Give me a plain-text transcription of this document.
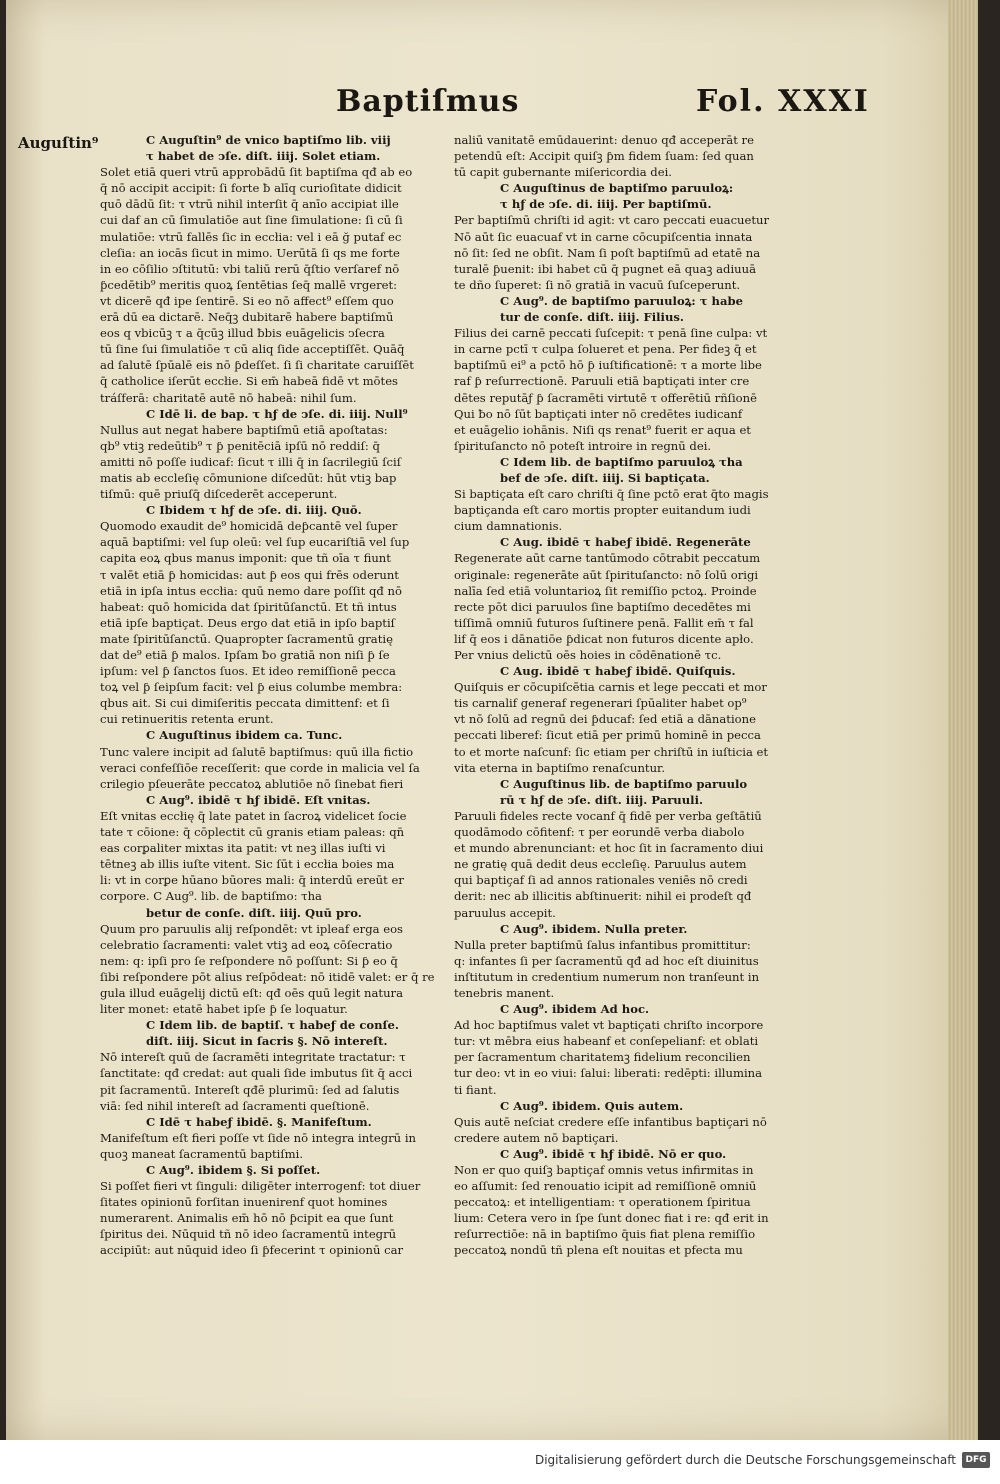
Baptiſmus	Fol. XXXI
Auguſtin⁹	C Auguſtin⁹ de vnico baptiſmo lib. viij
τ habet de ↄſe. diſt. iiij. Solet etiam.
Solet etiā queri vtrū approbādū ſit baptiſma qđ ab eo
q̄ nō accipit accipit: ſi forte ƀ alīq curioſitate didicit
quō dādū ſit: τ vtrū nihil interſit q̄ anīo accipiat ille
cui daf an cū ſimulatiōe aut ſine ſimulatione: ſi cū ſi
mulatiōe: vtrū fallēs ſic in eccłia: vel i eā ğ putaf ec
cleſia: an iocās ſicut in mimo. Uerūtā ſi qs me forte
in eo cōſilio ↄſtitutū: vbi taliū rerū q̄ſtio verſaref nō
ƥcedētib⁹ meritis quoꝝ ſentētias ſeq̄ mallē vrgeret:
vt dicerē qđ ipe ſentirē. Si eo nō affect⁹ eſſem quo
erā dū ea dictarē. Neq̄ꝫ dubitarē habere baptiſmū
eos q vbicūꝫ τ a q̄cūꝫ illud ƀbis euāgelicis ↄſecra
tū ſine ſui ſimulatiōe τ cū aliq ſide acceptiſſēt. Quāq̄
ad ſalutē ſpūalē eis nō ƥdeſſet. ſi ſi charitate caruiſſēt
q̄ catholice iſerūt eccłie. Si em̄ habeā fidē vt mōtes
tráſferā: charitatē autē nō habeā: nihil ſum.
C Idē li. de bap. τ hƒ de ↄſe. di. iiij. Null⁹
Nullus aut negat habere baptiſmū etiā apoſtatas:
qb⁹ vtiꝫ redeūtib⁹ τ ƥ penitēciā ipſū nō reddiſ: q̄
amitti nō poſſe iudicaf: ſicut τ illi q̄ in ſacrilegiū ſciſ
matis ab eccleſię cōmunione diſcedūt: hūt vtiꝫ bap
tiſmū: quē priuſq̄ diſcederēt acceperunt.
C Ibidem τ hƒ de ↄſe. di. iiij. Quō.
Quomodo exaudit de⁹ homicidā deƥcantē vel ſuper
aquā baptiſmi: vel ſup oleū: vel ſup eucariſtiā vel ſup
capita eoꝝ qbus manus imponit: que tñ oīa τ fiunt
τ valēt etiā ƥ homicidas: aut ƥ eos qui frēs oderunt
etiā in ipſa intus eccłia: quū nemo dare poſſit qđ nō
habeat: quō homicida dat ſpiritūſanctū. Et tñ intus
etiā ipſe baptiçat. Deus ergo dat etiā in ipſo baptiſ
mate ſpiritūſanctū. Quapropter ſacramentū gratię
dat de⁹ etiā ƥ malos. Ipſam ƀo gratiā non niſi ƥ ſe
ipſum: vel ƥ ſanctos ſuos. Et ideo remiſſionē pecca
toꝝ vel ƥ ſeipſum facit: vel ƥ eius columbe membra:
qbus ait. Si cui dimiſeritis peccata dimittenf: et ſi
cui retinueritis retenta erunt.
C Auguſtinus ibidem ca. Tunc.
Tunc valere incipit ad ſalutē baptiſmus: quū illa fictio
veraci confeſſiōe receſſerit: que corde in malicia vel ſa
crilegio pſeuerāte peccatoꝝ ablutiōe nō ſinebat fieri
C Aug⁹. ibidē τ hƒ ibidē. Eſt vnitas.
Eſt vnitas eccłię q̄ late patet in ſacroꝝ videlicet ſocie
tate τ cōione: q̄ cōplectit cū granis etiam paleas: qn̄
eas corꝑaliter mixtas ita patit: vt neꝫ illas iuſti vi
tētneꝫ ab illis iuſte vitent. Sic ſūt i eccłia boies ma
li: vt in corꝑe hūano būores mali: q̄ interdū ereūt er
corpore. C Aug⁹. lib. de baptiſmo: τha
betur de conſe. diſt. iiij. Quū pro.
Quum pro paruulis alij reſpondēt: vt ipleaf erga eos
celebratio ſacramenti: valet vtiꝫ ad eoꝝ cōſecratio
nem: q: ipſi pro ſe reſpondere nō poſſunt: Si ƥ eo q̄
ſibi reſpondere pōt alius reſpōdeat: nō itidē valet: er q̄ re
gula illud euāgelij dictū eſt: qđ oēs quū legit natura
liter monet: etatē habet ipſe ƥ ſe loquatur.
C Idem lib. de baptiſ. τ habeƒ de conſe.
diſt. iiij. Sicut in ſacris §. Nō intereſt.
Nō intereſt quū de ſacramēti integritate tractatur: τ
ſanctitate: qđ credat: aut quali ſide imbutus ſit q̄ acci
pit ſacramentū. Intereſt qđē plurimū: ſed ad ſalutis
viā: ſed nihil intereſt ad ſacramenti queſtionē.
C Idē τ habeƒ ibidē. §. Manifeſtum.
Manifeſtum eſt fieri poſſe vt ſide nō integra integrū in
quoꝫ maneat ſacramentū baptiſmi.
C Aug⁹. ibidem §. Si poſſet.
Si poſſet fieri vt ſinguli: diligēter interrogenf: tot diuer
ſitates opinionū forſitan inuenirenf quot homines
numerarent. Animalis em̄ hō nō ƥcipit ea que ſunt
ſpiritus dei. Nūquid tñ nō ideo ſacramentū integrū
accipiūt: aut nūquid ideo ſi ƥfecerint τ opinionū car
naliū vanitatē emūdauerint: denuo qđ acceperāt re
petendū eſt: Accipit quiſꝫ ƥm fidem ſuam: ſed quan
tū capit gubernante miſericordia dei.
C Auguſtinus de baptiſmo paruuloꝝ:
τ hƒ de ↄſe. di. iiij. Per baptiſmū.
Per baptiſmū chriſti id agit: vt caro peccati euacuetur
Nō aūt ſic euacuaf vt in carne cōcupiſcentia innata
nō ſit: ſed ne obſit. Nam ſi poſt baptiſmū ad etatē na
turalē ƥuenit: ibi habet cū q̄ pugnet eā quaꝫ adiuuā
te dño ſuperet: ſi nō gratiā in vacuū ſuſceperunt.
C Aug⁹. de baptiſmo paruuloꝝ: τ habe
tur de conſe. diſt. iiij. Filius.
Filius dei carnē peccati ſuſcepit: τ penā ſine culpa: vt
in carne pctī τ culpa ſolueret et pena. Per fideꝫ q̄ et
baptiſmū ei⁹ a pctō hō ƥ iuſtificationē: τ a morte libe
raf ƥ reſurrectionē. Paruuli etiā baptiçati inter cre
dētes reputāƒ ƥ ſacramēti virtutē τ offerētiū rñſionē
Qui ƀo nō ſūt baptiçati inter nō credētes iudicanf
et euāgelio iohānis. Niſi qs renat⁹ fuerit er aqua et
ſpirituſancto nō poteſt introire in regnū dei.
C Idem lib. de baptiſmo paruuloꝝ τha
bef de ↄſe. diſt. iiij. Si baptiçata.
Si baptiçata eſt caro chriſti q̄ ſine pctō erat q̄to magis
baptiçanda eſt caro mortis propter euitandum iudi
cium damnationis.
C Aug. ibidē τ habeƒ ibidē. Regenerāte
Regenerate aūt carne tantūmodo cōtrabit peccatum
originale: regenerāte aūt ſpirituſancto: nō ſolū origi
nalīa ſed etiā voluntarioꝝ ſit remiſſio pctoꝝ. Proinde
recte pōt dici paruulos ſine baptiſmo decedētes mi
tiſſimā omniū futuros ſuſtinere penā. Fallit em̄ τ fal
lif q̄ eos i dānatiōe ƥdicat non futuros dicente apło.
Per vnius delictū oēs hoies in cōdēnationē τc.
C Aug. ibidē τ habeƒ ibidē. Quiſquis.
Quiſquis er cōcupiſcētia carnis et lege peccati et mor
tis carnalif generaf regenerari ſpūaliter habet op⁹
vt nō ſolū ad regnū dei ƥducaf: ſed etiā a dānatione
peccati liberef: ſicut etiā per primū hominē in pecca
to et morte naſcunf: ſic etiam per chriſtū in iuſticia et
vita eterna in baptiſmo renaſcuntur.
C Auguſtinus lib. de baptiſmo paruulo
rū τ hƒ de ↄſe. diſt. iiij. Paruuli.
Paruuli fideles recte vocanf q̄ fidē per verba geſtātiū
quodāmodo cōfitenf: τ per eorundē verba diabolo
et mundo abrenunciant: et hoc ſit in ſacramento diui
ne gratię quā dedit deus eccleſię. Paruulus autem
qui baptiçaf ſi ad annos rationales veniēs nō credi
derit: nec ab illicitis abſtinuerit: nihil ei prodeſt qđ
paruulus accepit.
C Aug⁹. ibidem. Nulla preter.
Nulla preter baptiſmū ſalus infantibus promittitur:
q: infantes ſi per ſacramentū qđ ad hoc eſt diuinitus
inſtitutum in credentium numerum non tranſeunt in
tenebris manent.
C Aug⁹. ibidem Ad hoc.
Ad hoc baptiſmus valet vt baptiçati chriſto incorpore
tur: vt mēbra eius habeanf et conſepelianf: et oblati
per ſacramentum charitatemꝫ fidelium reconcilien
tur deo: vt in eo viui: ſalui: liberati: redēpti: illumina
ti fiant.
C Aug⁹. ibidem. Quis autem.
Quis autē neſciat credere eſſe infantibus baptiçari nō
credere autem nō baptiçari.
C Aug⁹. ibidē τ hƒ ibidē. Nō er quo.
Non er quo quiſꝫ baptiçaf omnis vetus infirmitas in
eo aſſumit: ſed renouatio icipit ad remiſſionē omniū
peccatoꝝ: et intelligentiam: τ operationem ſpiritua
lium: Cetera vero in ſpe ſunt donec fiat i re: qđ erit in
reſurrectiōe: nā in baptiſmo q̄uis fiat plena remiſſio
peccatoꝝ nondū tñ plena eſt nouitas et pfecta mu
Digitalisierung gefördert durch die Deutsche Forschungsgemeinschaft	DFG
